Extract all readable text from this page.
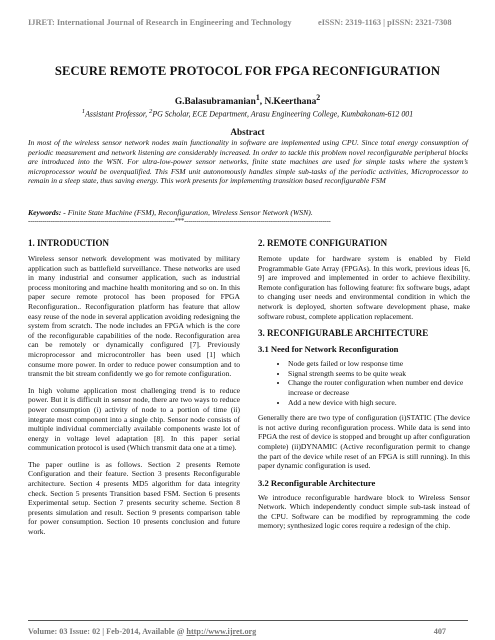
IJRET: International Journal of Research in Engineering and Technology	eISSN: 2319-1163 | pISSN: 2321-7308
SECURE REMOTE PROTOCOL FOR FPGA RECONFIGURATION
G.Balasubramanian$^1$, N.Keerthana$^2$
$^1$Assistant Professor, $^2$PG Scholar, ECE Department, Arasu Engineering College, Kumbakonam-612 001
Abstract
In most of the wireless sensor network nodes main functionality in software are implemented using CPU. Since total energy consumption of periodic measurement and network listening are considerably increased. In order to tackle this problem novel reconfigurable peripheral blocks are introduced into the WSN. For ultra-low-power sensor networks, finite state machines are used for simple tasks where the system’s microprocessor would be overqualified. This FSM unit autonomously handles simple sub-tasks of the periodic activities, Microprocessor to remain in a sleep state, thus saving energy. This work presents for implementing transition based reconfigurable FSM
Keywords: - Finite State Machine (FSM), Reconfiguration, Wireless Sensor Network (WSN).
-----------------------------------------------------------------------***-----------------------------------------------------------------------
1. INTRODUCTION

Wireless sensor network development was motivated by military application such as battlefield surveillance. These networks are used in many industrial and consumer application, such as industrial process monitoring and machine health monitoring and so on. In this paper secure remote protocol has been proposed for FPGA Reconfiguration.. Reconfiguration platform has feature that allow easy reuse of the node in several application avoiding redesigning the system from scratch. The node includes an FPGA which is the core of the reconfigurable capabilities of the node. Reconfiguration area can be remotely or dynamically configured [7]. Previously microprocessor and microcontroller has been used [1] which consume more power. In order to reduce power consumption and to transmit the bit stream confidently we go for remote configuration.

In high volume application most challenging trend is to reduce power. But it is difficult in sensor node, there are two ways to reduce power consumption (i) activity of node to a portion of time (ii) integrate most component into a single chip. Sensor node consists of multiple individual commercially available components waste lot of energy in voltage level adaptation [8]. In this paper serial communication protocol is used (Which transmit data one at a time).

The paper outline is as follows. Section 2 presents Remote Configuration and their feature. Section 3 presents Reconfigurable architecture. Section 4 presents MD5 algorithm for data integrity check. Section 5 presents Transition based FSM. Section 6 presents Experimental setup. Section 7 presents security scheme. Section 8 presents simulation and result. Section 9 presents comparison table for power consumption. Section 10 presents conclusion and future work.

2. REMOTE CONFIGURATION

Remote update for hardware system is enabled by Field Programmable Gate Array (FPGAs). In this work, previous ideas [6, 9] are improved and implemented in order to achieve flexibility. Remote configuration has following feature: fix software bugs, adapt to changing user needs and environmental condition in which the network is deployed, shorten software development phase, make software robust, complete application replacement.

3. RECONFIGURABLE ARCHITECTURE
3.1 Need for Network Reconfiguration
• Node gets failed or low response time
• Signal strength seems to be quite weak
• Change the router configuration when number end device increase or decrease
• Add a new device with high secure.

Generally there are two type of configuration (i)STATIC (The device is not active during reconfiguration process. While data is send into FPGA the rest of device is stopped and brought up after configuration complete) (ii)DYNAMIC (Active reconfiguration permit to change the part of the device while reset of an FPGA is still running). In this paper dynamic configuration is used.

3.2 Reconfigurable Architecture

We introduce reconfigurable hardware block to Wireless Sensor Network. Which independently conduct simple sub-task instead of the CPU. Software can be modified by reprogramming the code memory; synthesized logic cores require a redesign of the chip.

Volume: 03 Issue: 02 | Feb-2014, Available @ http://www.ijret.org	407
